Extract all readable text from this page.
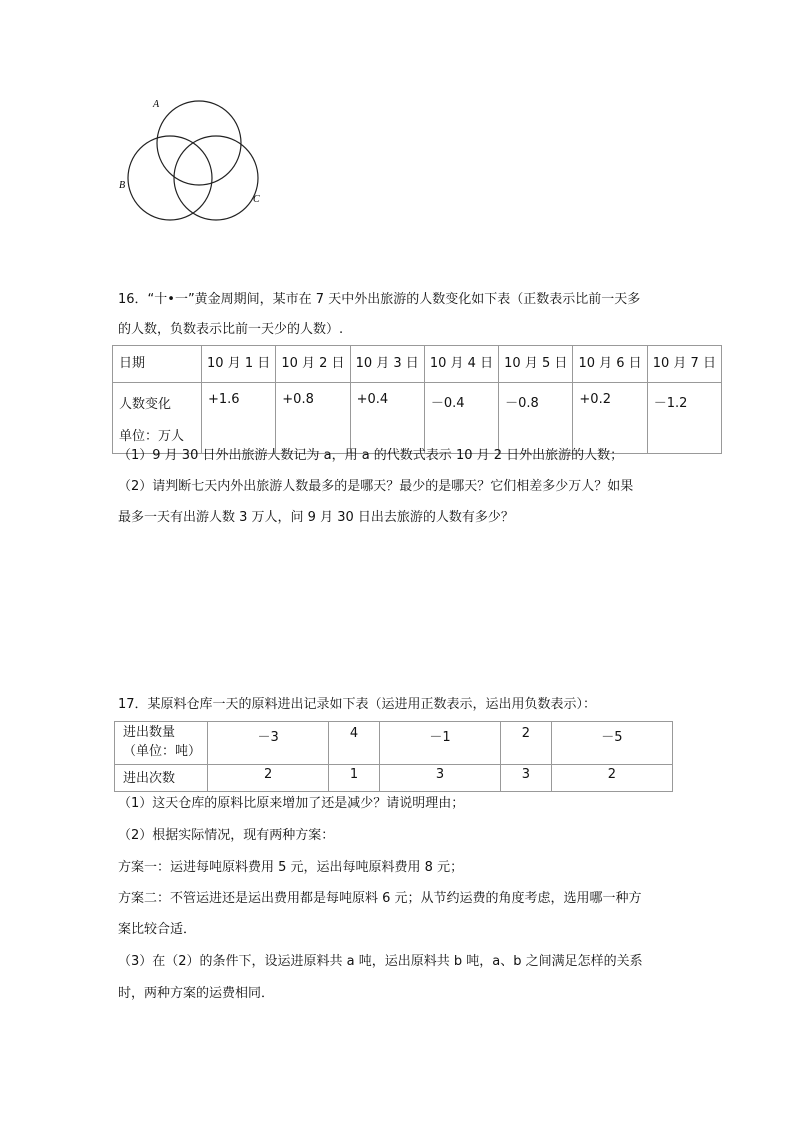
A
B
C
16．“十•一”黄金周期间，某市在 7 天中外出旅游的人数变化如下表（正数表示比前一天多
的人数，负数表示比前一天少的人数）.
日期	10 月 1 日	10 月 2 日	10 月 3 日	10 月 4 日	10 月 5 日	10 月 6 日	10 月 7 日

人数变化
单位：万人	+1.6	+0.8	+0.4	－0.4	－0.8	+0.2	－1.2
（1）9 月 30 日外出旅游人数记为 a，用 a 的代数式表示 10 月 2 日外出旅游的人数；
（2）请判断七天内外出旅游人数最多的是哪天？最少的是哪天？它们相差多少万人？如果
最多一天有出游人数 3 万人，问 9 月 30 日出去旅游的人数有多少？
17．某原料仓库一天的原料进出记录如下表（运进用正数表示，运出用负数表示）：
进出数量
（单位：吨）	－3	4	－1	2	－5
进出次数	2	1	3	3	2
（1）这天仓库的原料比原来增加了还是减少？请说明理由；
（2）根据实际情况，现有两种方案：
方案一：运进每吨原料费用 5 元，运出每吨原料费用 8 元；
方案二：不管运进还是运出费用都是每吨原料 6 元；从节约运费的角度考虑，选用哪一种方
案比较合适．
（3）在（2）的条件下，设运进原料共 a 吨，运出原料共 b 吨，a、b 之间满足怎样的关系
时，两种方案的运费相同．
